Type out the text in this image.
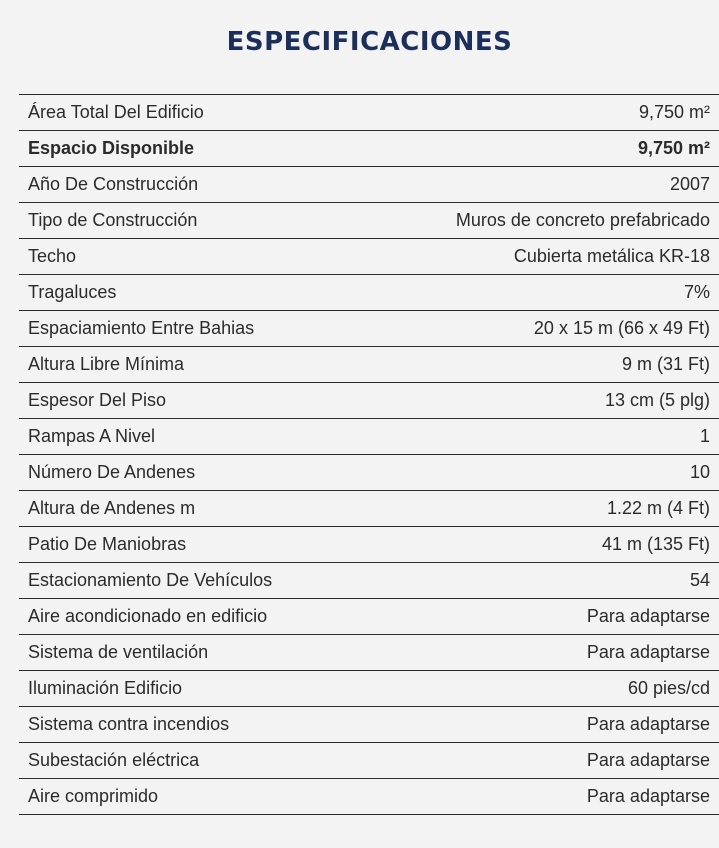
ESPECIFICACIONES
Área Total Del Edificio	9,750 m²
Espacio Disponible	9,750 m²
Año De Construcción	2007
Tipo de Construcción	Muros de concreto prefabricado
Techo	Cubierta metálica KR-18
Tragaluces	7%
Espaciamiento Entre Bahias	20 x 15 m (66 x 49 Ft)
Altura Libre Mínima	9 m (31 Ft)
Espesor Del Piso	13 cm (5 plg)
Rampas A Nivel	1
Número De Andenes	10
Altura de Andenes m	1.22 m (4 Ft)
Patio De Maniobras	41 m (135 Ft)
Estacionamiento De Vehículos	54
Aire acondicionado en edificio	Para adaptarse
Sistema de ventilación	Para adaptarse
Iluminación Edificio	60 pies/cd
Sistema contra incendios	Para adaptarse
Subestación eléctrica	Para adaptarse
Aire comprimido	Para adaptarse
